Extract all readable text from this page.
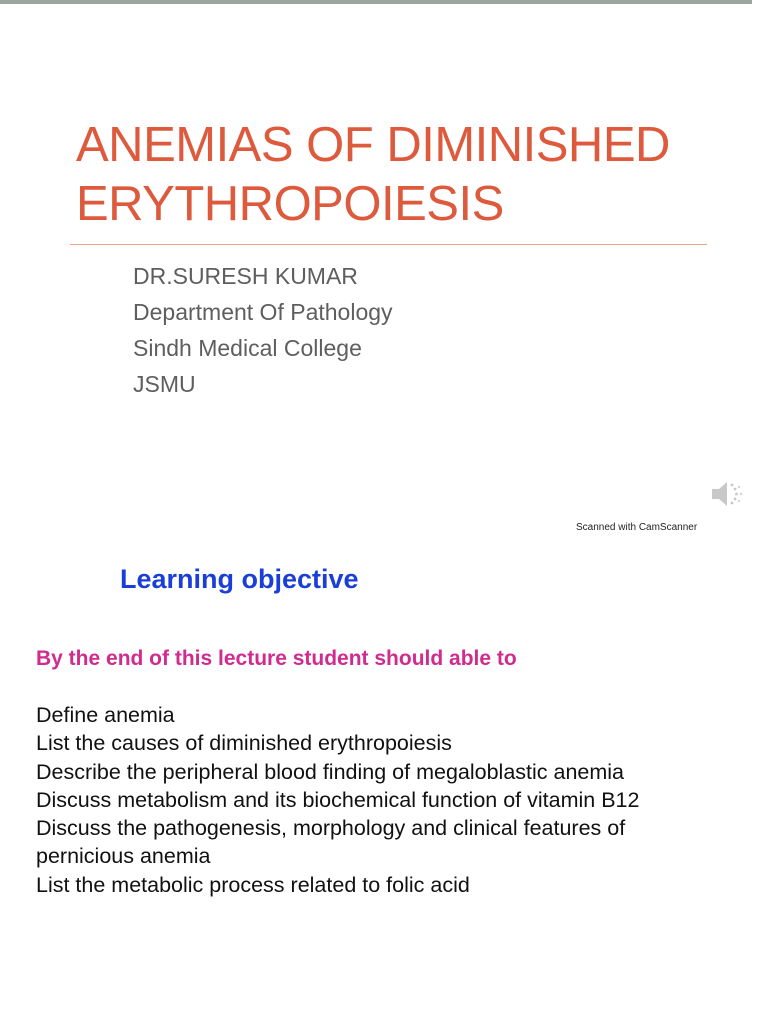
ANEMIAS OF DIMINISHED
ERYTHROPOIESIS
DR.SURESH KUMAR
Department Of Pathology
Sindh Medical College
JSMU
Scanned with CamScanner
Learning objective

By the end of this lecture student should able to

Define anemia
List the causes of diminished erythropoiesis
Describe the peripheral blood finding of megaloblastic anemia
Discuss metabolism and its biochemical function of vitamin B12
Discuss the pathogenesis, morphology and clinical features of pernicious anemia
List the metabolic process related to folic acid
